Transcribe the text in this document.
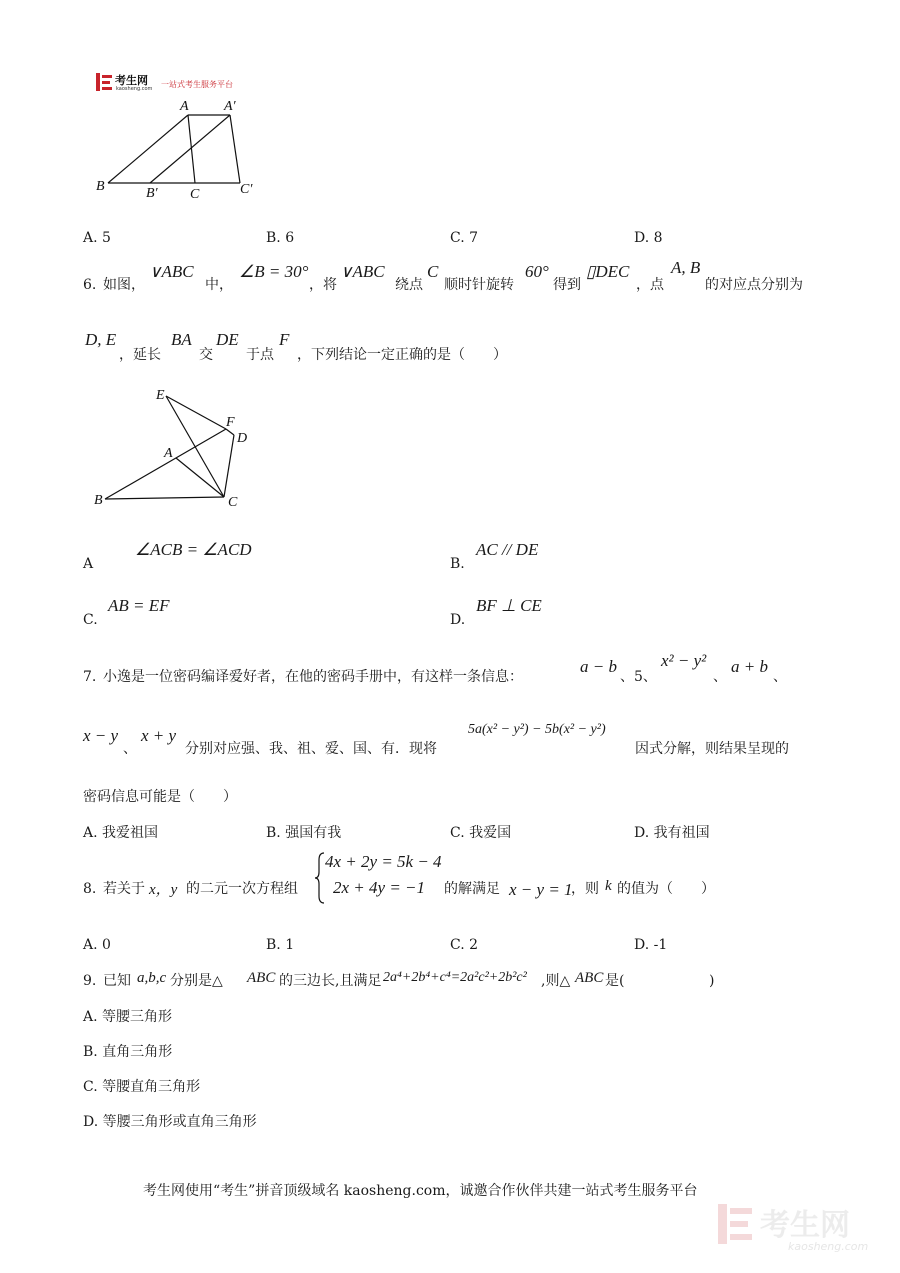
考生网
kaosheng.com 一站式考生服务平台
A	A′
B	B′ C	C′
A. 5	B. 6	C. 7	D. 8
6. 如图，
∨ABC
中，
∠B = 30°
，将
∨ABC
绕点
C
顺时针旋转
60°
得到
▯DEC
，点
A, B
的对应点分别为
D, E
，延长
BA
交
DE
于点
F
，下列结论一定正确的是（　　）
E
F
D
A
B	C
A
∠ACB = ∠ACD
B.
AC // DE
C.
AB = EF
D.
BF ⊥ CE
7. 小逸是一位密码编译爱好者，在他的密码手册中，有这样一条信息：
a − b
、5、
x² − y²
、
a + b
、
x − y
、
x + y
分别对应强、我、祖、爱、国、有．现将
5a(x² − y²) − 5b(x² − y²)
因式分解，则结果呈现的
密码信息可能是（　　）
A. 我爱祖国	B. 强国有我	C. 我爱国	D. 我有祖国
8. 若关于 x，y 的二元一次方程组
4x + 2y = 5k − 4
2x + 4y = −1 的解满足 x − y = 1
，则 k 的值为（　　）
A. 0	B. 1	C. 2	D. -1
9. 已知 a,b,c 分别是△ ABC 的三边长,且满足 2a⁴+2b⁴+c⁴=2a²c²+2b²c² ,则△ ABC 是(	)
A. 等腰三角形
B. 直角三角形
C. 等腰直角三角形
D. 等腰三角形或直角三角形
考生网使用“考生”拼音顶级域名 kaosheng.com，诚邀合作伙伴共建一站式考生服务平台
考生网
kaosheng.com
